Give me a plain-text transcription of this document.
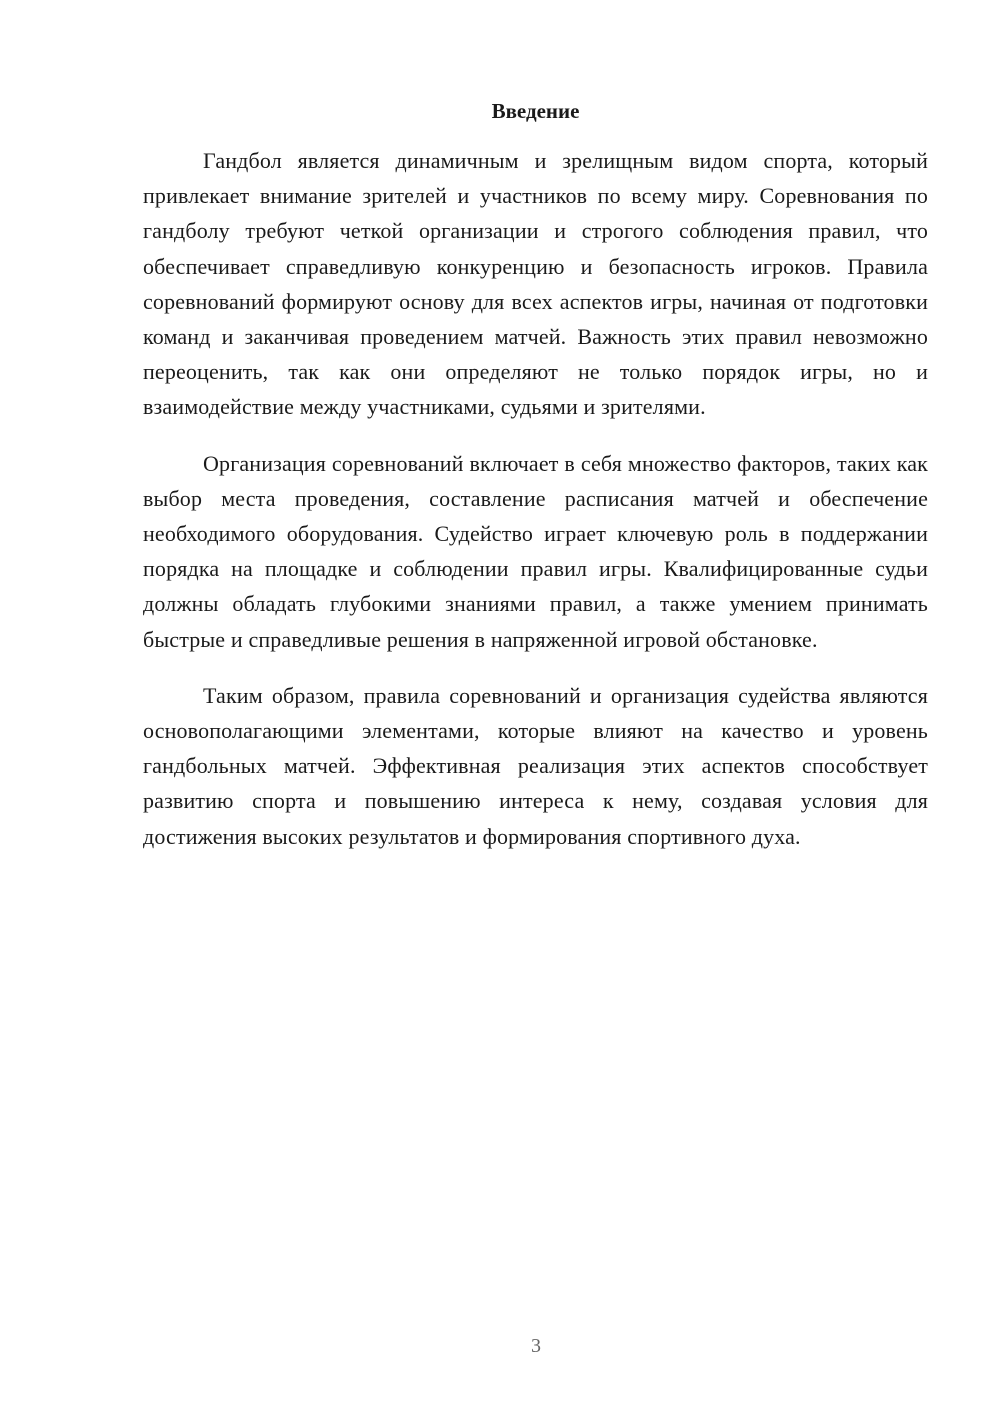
Введение

Гандбол является динамичным и зрелищным видом спорта, который привлекает внимание зрителей и участников по всему миру. Соревнования по гандболу требуют четкой организации и строгого соблюдения правил, что обеспечивает справедливую конкуренцию и безопасность игроков. Правила соревнований формируют основу для всех аспектов игры, начиная от подготовки команд и заканчивая проведением матчей. Важность этих правил невозможно переоценить, так как они определяют не только порядок игры, но и взаимодействие между участниками, судьями и зрителями.

Организация соревнований включает в себя множество факторов, таких как выбор места проведения, составление расписания матчей и обеспечение необходимого оборудования. Судейство играет ключевую роль в поддержании порядка на площадке и соблюдении правил игры. Квалифицированные судьи должны обладать глубокими знаниями правил, а также умением принимать быстрые и справедливые решения в напряженной игровой обстановке.

Таким образом, правила соревнований и организация судейства являются основополагающими элементами, которые влияют на качество и уровень гандбольных матчей. Эффективная реализация этих аспектов способствует развитию спорта и повышению интереса к нему, создавая условия для достижения высоких результатов и формирования спортивного духа.

3
